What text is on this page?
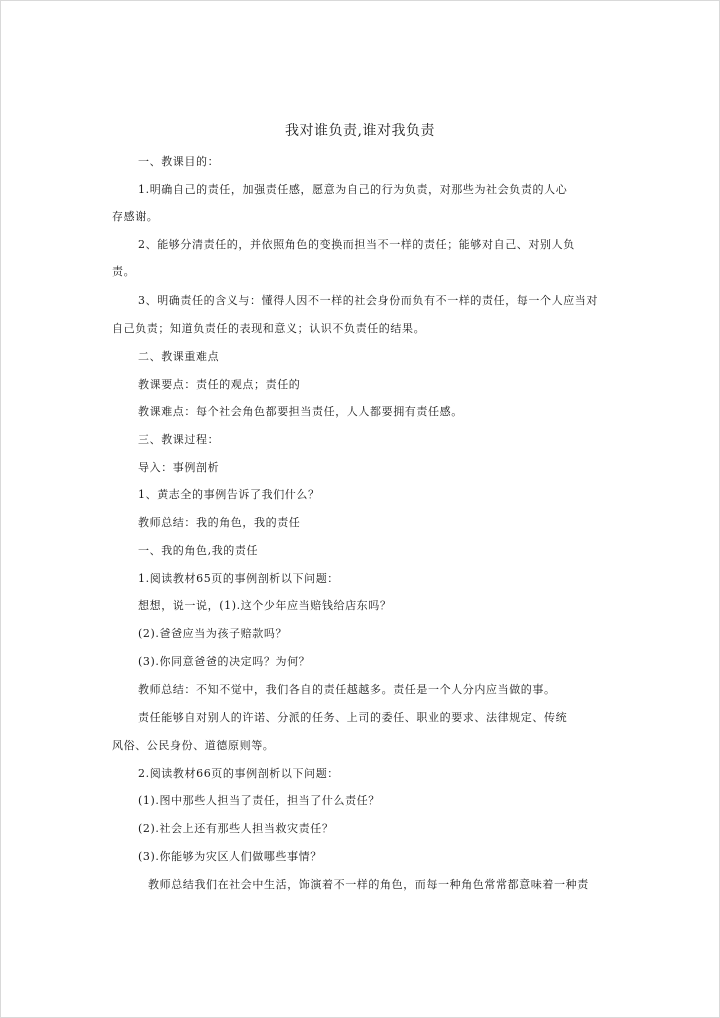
我对谁负责,谁对我负责
一、教课目的：
1.明确自己的责任，加强责任感，愿意为自己的行为负责，对那些为社会负责的人心
存感谢。
2、能够分清责任的，并依照角色的变换而担当不一样的责任；能够对自己、对别人负
责。
3、明确责任的含义与：懂得人因不一样的社会身份而负有不一样的责任，每一个人应当对
自己负责；知道负责任的表现和意义；认识不负责任的结果。
二、教课重难点
教课要点：责任的观点；责任的
教课难点：每个社会角色都要担当责任，人人都要拥有责任感。
三、教课过程：
导入：事例剖析
1、黄志全的事例告诉了我们什么？
教师总结：我的角色，我的责任
一、我的角色,我的责任
1.阅读教材65页的事例剖析以下问题：
想想，说一说，(1).这个少年应当赔钱给店东吗？
(2).爸爸应当为孩子赔款吗？
(3).你同意爸爸的决定吗？为何？
教师总结：不知不觉中，我们各自的责任越越多。责任是一个人分内应当做的事。
责任能够自对别人的许诺、分派的任务、上司的委任、职业的要求、法律规定、传统
风俗、公民身份、道德原则等。
2.阅读教材66页的事例剖析以下问题：
(1).图中那些人担当了责任，担当了什么责任？
(2).社会上还有那些人担当救灾责任？
(3).你能够为灾区人们做哪些事情？
教师总结我们在社会中生活，饰演着不一样的角色，而每一种角色常常都意味着一种责
